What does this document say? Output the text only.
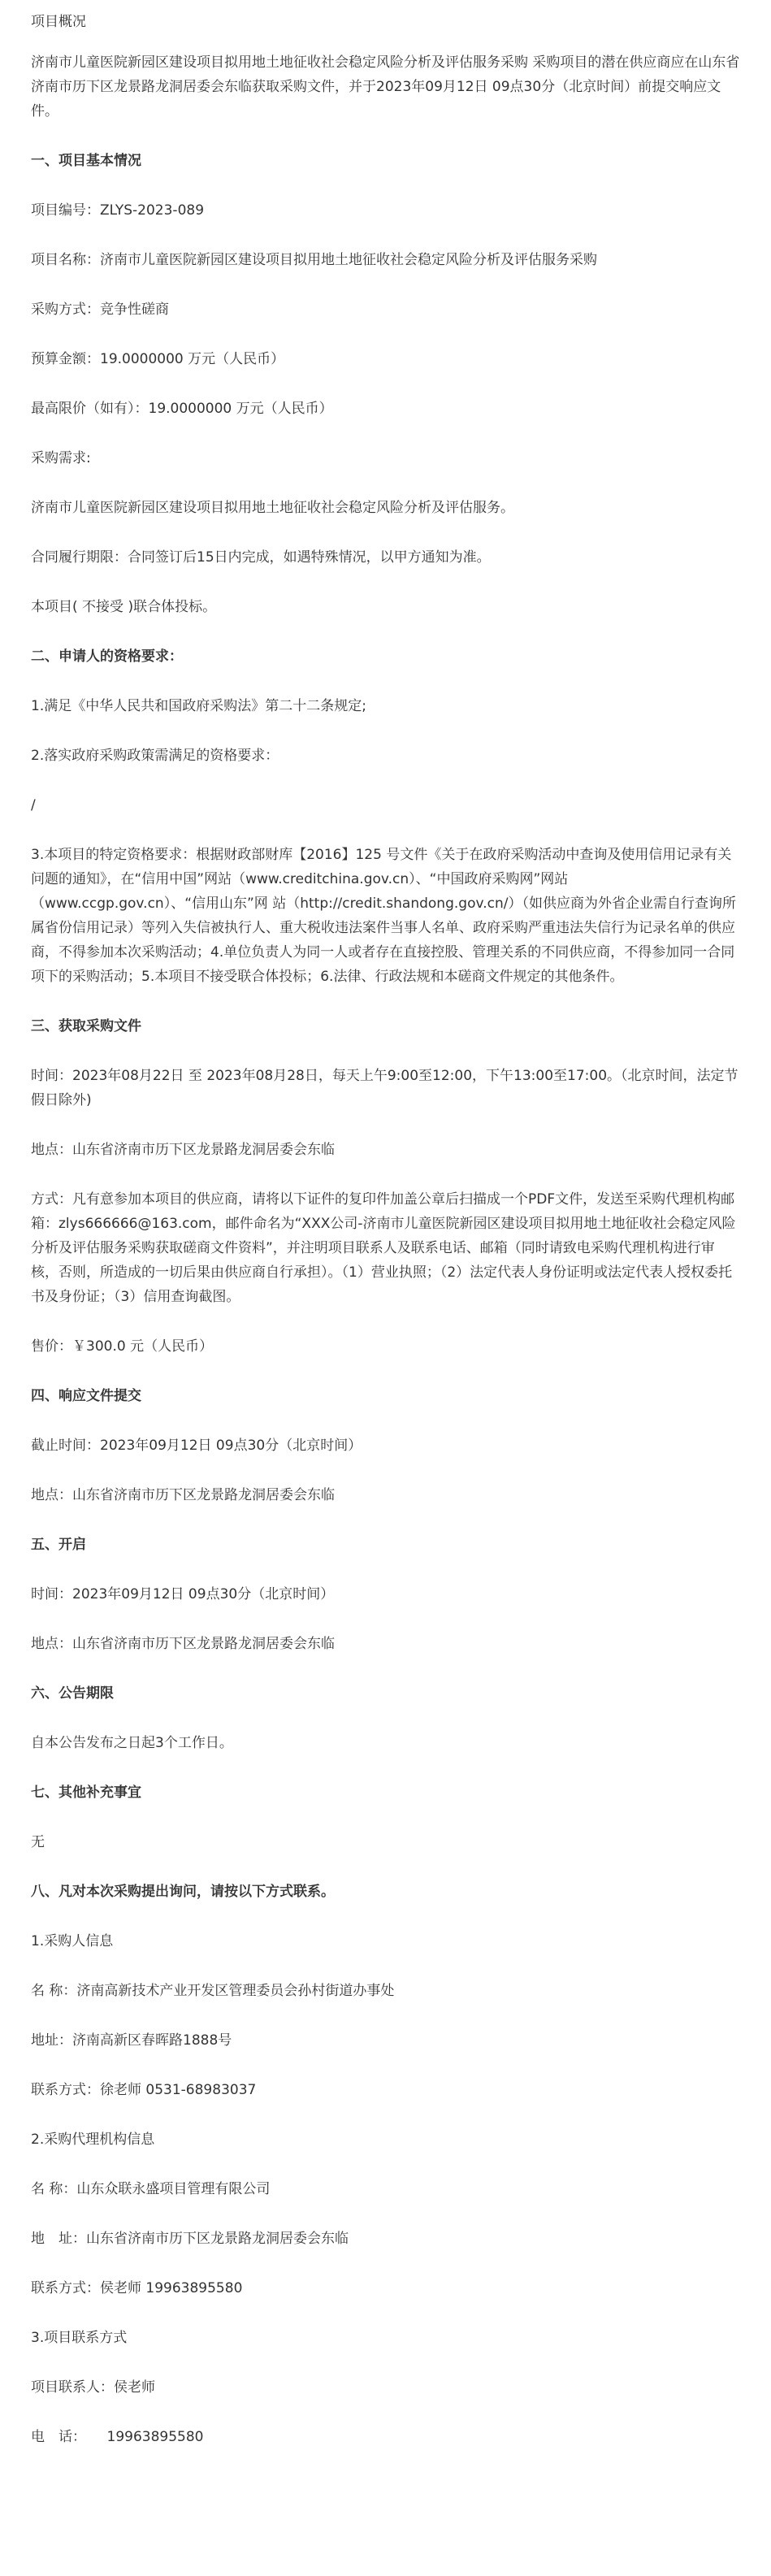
项目概况

济南市儿童医院新园区建设项目拟用地土地征收社会稳定风险分析及评估服务采购 采购项目的潜在供应商应在山东省济南市历下区龙景路龙洞居委会东临获取采购文件，并于2023年09月12日 09点30分（北京时间）前提交响应文件。

一、项目基本情况

项目编号：ZLYS-2023-089

项目名称：济南市儿童医院新园区建设项目拟用地土地征收社会稳定风险分析及评估服务采购

采购方式：竞争性磋商

预算金额：19.0000000 万元（人民币）

最高限价（如有）：19.0000000 万元（人民币）

采购需求:

济南市儿童医院新园区建设项目拟用地土地征收社会稳定风险分析及评估服务。

合同履行期限：合同签订后15日内完成，如遇特殊情况，以甲方通知为准。

本项目( 不接受 )联合体投标。

二、申请人的资格要求：

1.满足《中华人民共和国政府采购法》第二十二条规定;

2.落实政府采购政策需满足的资格要求：

/

3.本项目的特定资格要求：根据财政部财库【2016】125 号文件《关于在政府采购活动中查询及使用信用记录有关问题的通知》，在“信用中国”网站（www.creditchina.gov.cn）、“中国政府采购网”网站（www.ccgp.gov.cn）、“信用山东”网 站（http://credit.shandong.gov.cn/）（如供应商为外省企业需自行查询所属省份信用记录）等列入失信被执行人、重大税收违法案件当事人名单、政府采购严重违法失信行为记录名单的供应商，不得参加本次采购活动；4.单位负责人为同一人或者存在直接控股、管理关系的不同供应商，不得参加同一合同项下的采购活动；5.本项目不接受联合体投标；6.法律、行政法规和本磋商文件规定的其他条件。

三、获取采购文件

时间：2023年08月22日 至 2023年08月28日，每天上午9:00至12:00，下午13:00至17:00。（北京时间，法定节假日除外)

地点：山东省济南市历下区龙景路龙洞居委会东临

方式：凡有意参加本项目的供应商，请将以下证件的复印件加盖公章后扫描成一个PDF文件，发送至采购代理机构邮箱：zlys666666@163.com，邮件命名为“XXX公司-济南市儿童医院新园区建设项目拟用地土地征收社会稳定风险分析及评估服务采购获取磋商文件资料”，并注明项目联系人及联系电话、邮箱（同时请致电采购代理机构进行审核，否则，所造成的一切后果由供应商自行承担）。（1）营业执照；（2）法定代表人身份证明或法定代表人授权委托书及身份证；（3）信用查询截图。

售价：￥300.0 元（人民币）

四、响应文件提交

截止时间：2023年09月12日 09点30分（北京时间）

地点：山东省济南市历下区龙景路龙洞居委会东临

五、开启

时间：2023年09月12日 09点30分（北京时间）

地点：山东省济南市历下区龙景路龙洞居委会东临

六、公告期限

自本公告发布之日起3个工作日。

七、其他补充事宜

无

八、凡对本次采购提出询问，请按以下方式联系。

1.采购人信息

名 称：济南高新技术产业开发区管理委员会孙村街道办事处

地址：济南高新区春晖路1888号

联系方式：徐老师 0531-68983037

2.采购代理机构信息

名 称：山东众联永盛项目管理有限公司

地　址：山东省济南市历下区龙景路龙洞居委会东临

联系方式：侯老师 19963895580

3.项目联系方式

项目联系人：侯老师

电　话：　　19963895580
